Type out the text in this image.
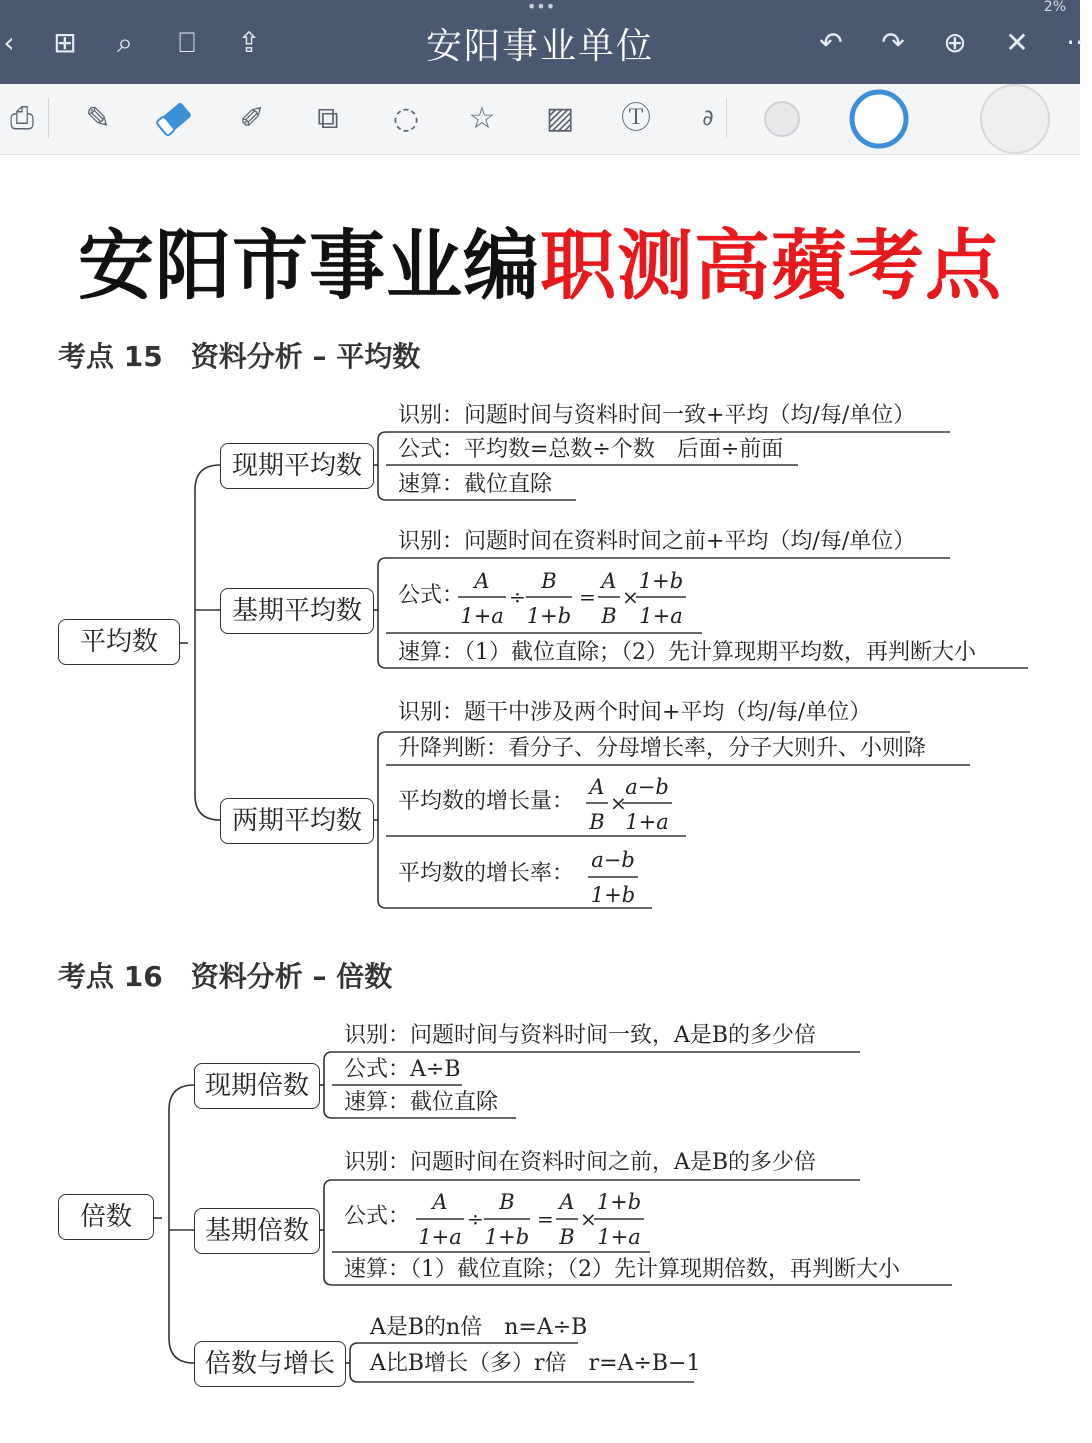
•••	2%
‹	⊞	⌕	⎕	⇪	安阳事业单位	↶ ↷ ⊕ ✕ ··
⎙	✎	✐	⧉	◌ ☆ ▨ Ⓣ	∂
安阳市事业编职测高蘋考点
考点 15　资料分析 – 平均数
平均数
现期平均数
基期平均数
两期平均数
识别：问题时间与资料时间一致+平均（均/每/单位）
公式：平均数=总数÷个数　后面÷前面
速算：截位直除
识别：问题时间在资料时间之前+平均（均/每/单位）
公式：
A
1+a
÷
B
1+b
=
A
B
×
1+b
1+a
速算：（1）截位直除；（2）先计算现期平均数，再判断大小
识别：题干中涉及两个时间+平均（均/每/单位）
升降判断：看分子、分母增长率，分子大则升、小则降
平均数的增长量：
A
B
×
a−b
1+a
平均数的增长率：
a−b
1+b
考点 16　资料分析 – 倍数
倍数
现期倍数
基期倍数
倍数与增长
识别：问题时间与资料时间一致，A是B的多少倍
公式：A÷B
速算：截位直除
识别：问题时间在资料时间之前，A是B的多少倍
公式：
A
1+a
÷
B
1+b
=
A
B
×
1+b
1+a
速算：（1）截位直除；（2）先计算现期倍数，再判断大小
A是B的n倍　n=A÷B
A比B增长（多）r倍　r=A÷B−1
